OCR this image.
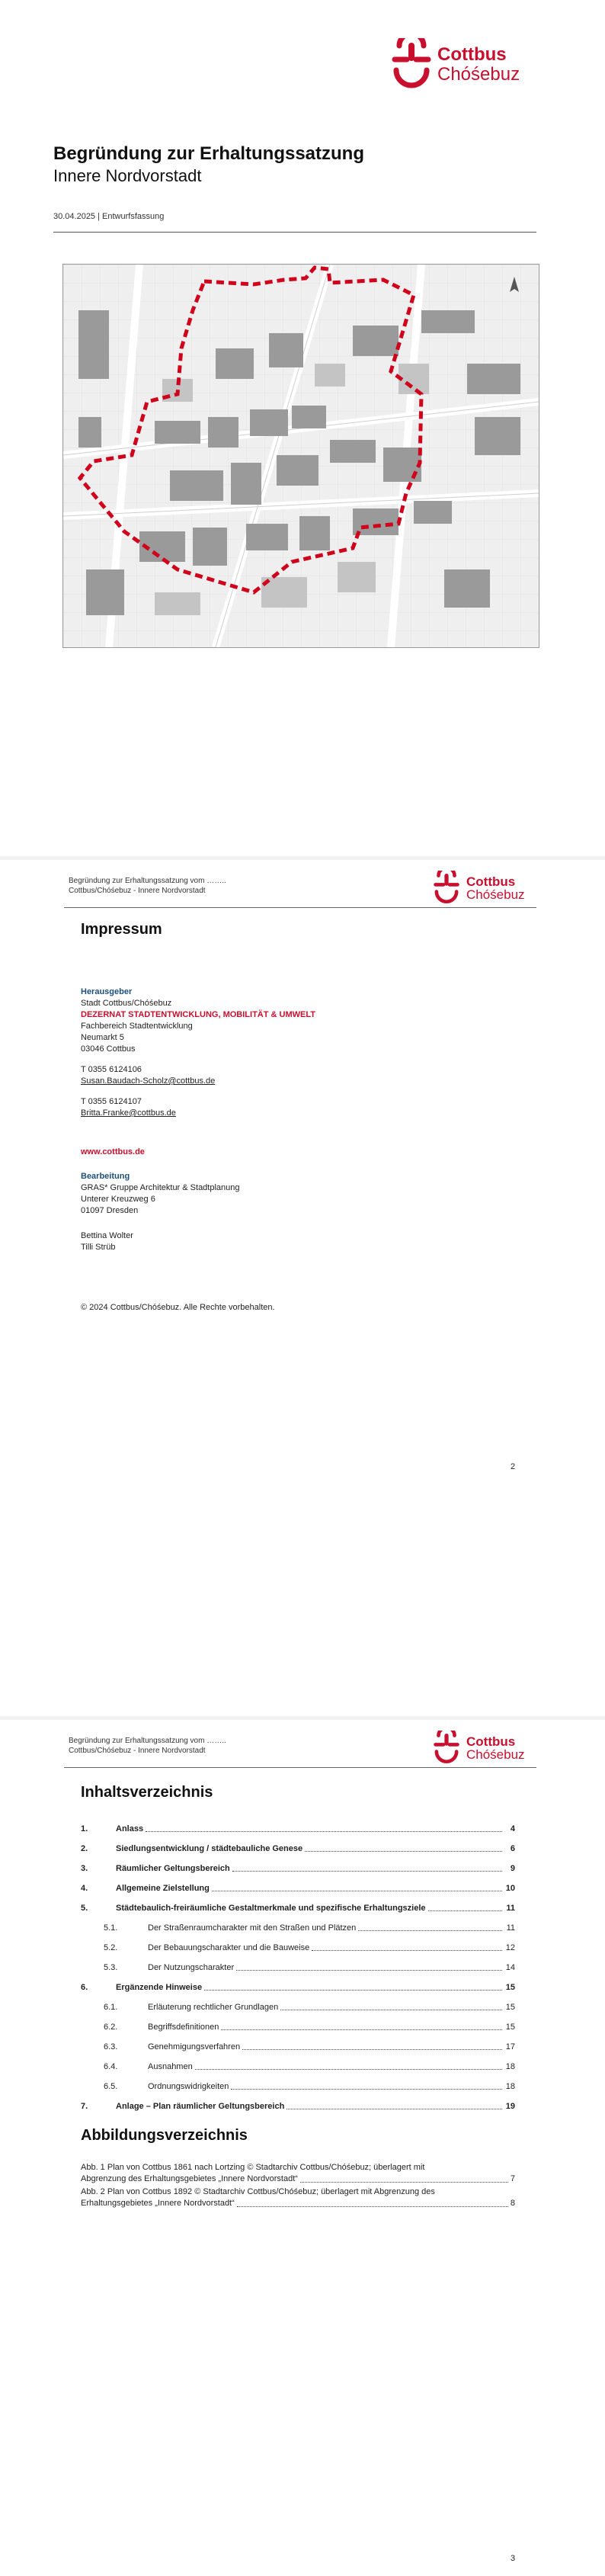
Cottbus
Chóśebuz
Begründung zur Erhaltungssatzung
Innere Nordvorstadt
30.04.2025 | Entwurfsfassung
Begründung zur Erhaltungssatzung vom ……..
Cottbus/Chóśebuz - Innere Nordvorstadt
Cottbus
Chóśebuz
Impressum
Herausgeber
Stadt Cottbus/Chóśebuz
DEZERNAT STADTENTWICKLUNG, MOBILITÄT & UMWELT
Fachbereich Stadtentwicklung
Neumarkt 5
03046 Cottbus
T 0355 6124106
Susan.Baudach-Scholz@cottbus.de
T 0355 6124107
Britta.Franke@cottbus.de
www.cottbus.de
Bearbeitung
GRAS* Gruppe Architektur & Stadtplanung
Unterer Kreuzweg 6
01097 Dresden
Bettina Wolter
Tilli Strüb
© 2024 Cottbus/Chóśebuz. Alle Rechte vorbehalten.
2
Begründung zur Erhaltungssatzung vom ……..
Cottbus/Chóśebuz - Innere Nordvorstadt
Cottbus
Chóśebuz
Inhaltsverzeichnis
1.	Anlass	4
2.	Siedlungsentwicklung / städtebauliche Genese	6
3.	Räumlicher Geltungsbereich	9
4.	Allgemeine Zielstellung	10
5.	Städtebaulich-freiräumliche Gestaltmerkmale und spezifische Erhaltungsziele	11
5.1.	Der Straßenraumcharakter mit den Straßen und Plätzen	11
5.2.	Der Bebauungscharakter und die Bauweise	12
5.3.	Der Nutzungscharakter	14
6.	Ergänzende Hinweise	15
6.1.	Erläuterung rechtlicher Grundlagen	15
6.2.	Begriffsdefinitionen	15
6.3.	Genehmigungsverfahren	17
6.4.	Ausnahmen	18
6.5.	Ordnungswidrigkeiten	18
7.	Anlage – Plan räumlicher Geltungsbereich	19
Abbildungsverzeichnis
Abb. 1 Plan von Cottbus 1861 nach Lortzing © Stadtarchiv Cottbus/Chóśebuz; überlagert mit
Abgrenzung des Erhaltungsgebietes „Innere Nordvorstadt“	7
Abb. 2 Plan von Cottbus 1892 © Stadtarchiv Cottbus/Chóśebuz; überlagert mit Abgrenzung des
Erhaltungsgebietes „Innere Nordvorstadt“	8
3
